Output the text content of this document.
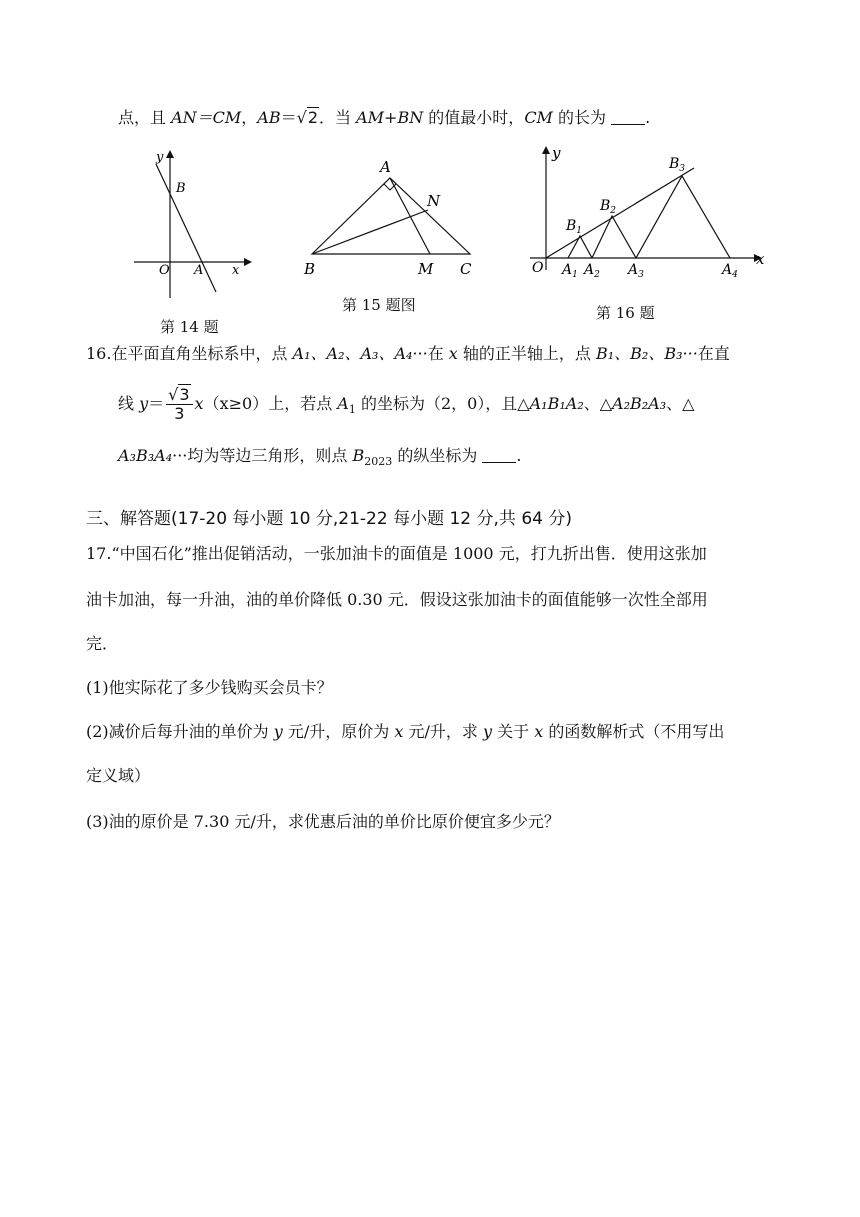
点，且 AN＝CM，AB＝√2．当 AM+BN 的值最小时，CM 的长为 .
y
B
O A x
第 14 题
A
N
B	M C
第 15 题图
y
x
O
$B_1$
$B_2$
$B_3$
$A_1$ $A_2$ $A_3$	$A_4$
第 16 题
16.在平面直角坐标系中，点 A₁、A₂、A₃、A₄···在 x 轴的正半轴上，点 B₁、B₂、B₃···在直
线 $y= \frac{√3}{3} x(x\ge 0)$上，若点 $A_1$ 的坐标为（2，0），且△A₁B₁A₂、△A₂B₂A₃、△
A₃B₃A₄···均为等边三角形，则点 $B_{2023}$ 的纵坐标为 .
三、解答题(17-20 每小题 10 分,21-22 每小题 12 分,共 64 分)
17.“中国石化”推出促销活动，一张加油卡的面值是 1000 元，打九折出售．使用这张加
油卡加油，每一升油，油的单价降低 0.30 元．假设这张加油卡的面值能够一次性全部用
完．
(1)他实际花了多少钱购买会员卡？
(2)减价后每升油的单价为 y 元/升，原价为 x 元/升，求 y 关于 x 的函数解析式（不用写出
定义域）
(3)油的原价是 7.30 元/升，求优惠后油的单价比原价便宜多少元？
